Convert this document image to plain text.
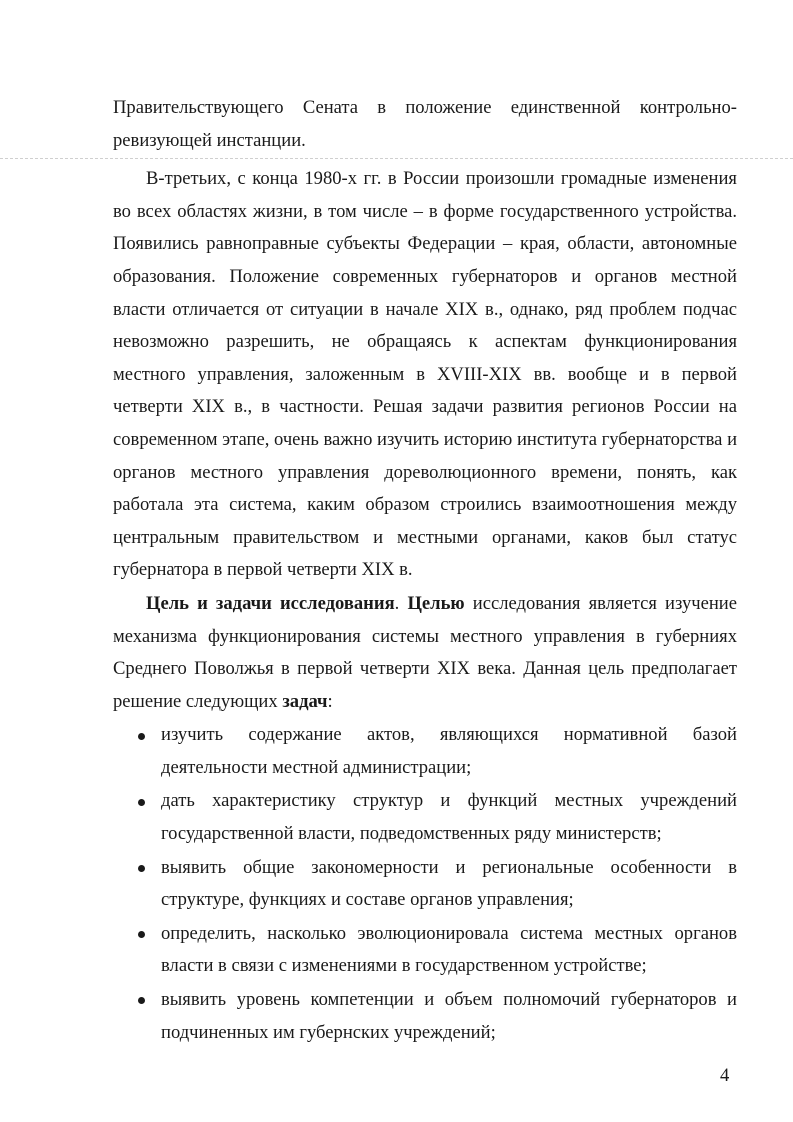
Правительствующего Сената в положение единственной контрольно-ревизующей инстанции.

В-третьих, с конца 1980-х гг. в России произошли громадные изменения во всех областях жизни, в том числе – в форме государственного устройства. Появились равноправные субъекты Федерации – края, области, автономные образования. Положение современных губернаторов и органов местной власти отличается от ситуации в начале XIX в., однако, ряд проблем подчас невозможно разрешить, не обращаясь к аспектам функционирования местного управления, заложенным в XVIII-XIX вв. вообще и в первой четверти XIX в., в частности. Решая задачи развития регионов России на современном этапе, очень важно изучить историю института губернаторства и органов местного управления дореволюционного времени, понять, как работала эта система, каким образом строились взаимоотношения между центральным правительством и местными органами, каков был статус губернатора в первой четверти XIX в.

Цель и задачи исследования. Целью исследования является изучение механизма функционирования системы местного управления в губерниях Среднего Поволжья в первой четверти XIX века. Данная цель предполагает решение следующих задач:

изучить содержание актов, являющихся нормативной базой деятельности местной администрации;
дать характеристику структур и функций местных учреждений государственной власти, подведомственных ряду министерств;
выявить общие закономерности и региональные особенности в структуре, функциях и составе органов управления;
определить, насколько эволюционировала система местных органов власти в связи с изменениями в государственном устройстве;
выявить уровень компетенции и объем полномочий губернаторов и подчиненных им губернских учреждений;
4
